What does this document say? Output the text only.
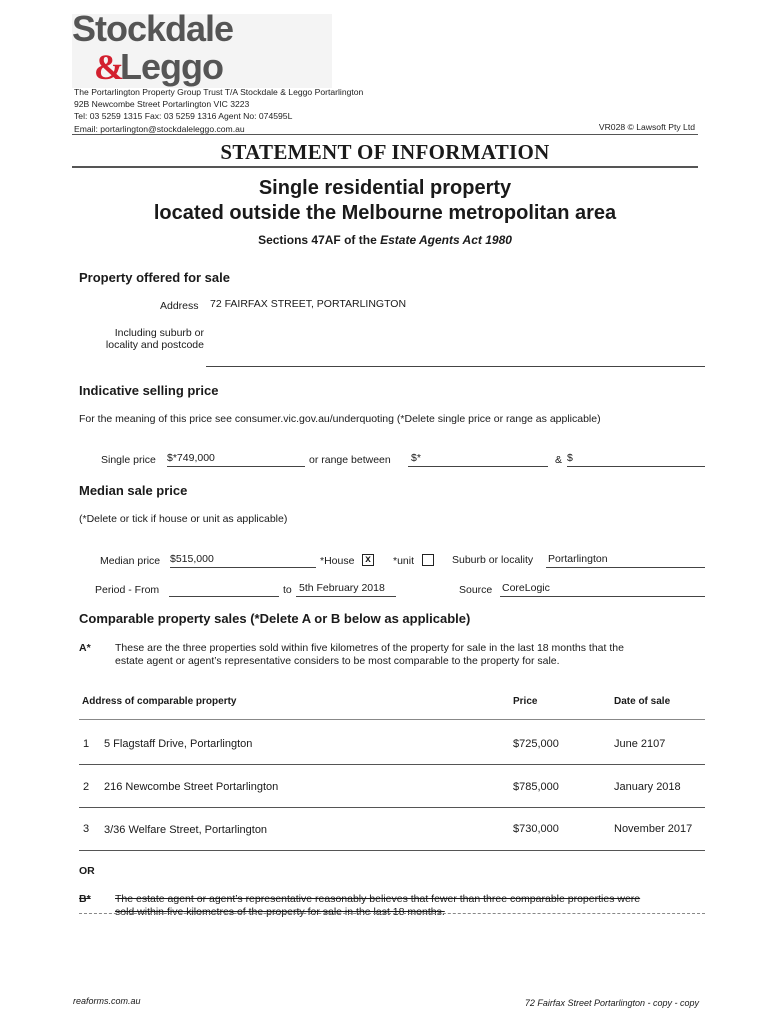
Stockdale
&
Leggo
The Portarlington Property Group Trust T/A Stockdale & Leggo Portarlington
92B Newcombe Street Portarlington VIC 3223
Tel: 03 5259 1315 Fax: 03 5259 1316 Agent No: 074595L
Email: portarlington@stockdaleleggo.com.au	VR028 © Lawsoft Pty Ltd
STATEMENT OF INFORMATION
Single residential property
located outside the Melbourne metropolitan area
Sections 47AF of the Estate Agents Act 1980
Property offered for sale
Address 72 FAIRFAX STREET, PORTARLINGTON
Including suburb or
locality and postcode
Indicative selling price
For the meaning of this price see consumer.vic.gov.au/underquoting (*Delete single price or range as applicable)
Single price $*749,000	or range between $*	& $
Median sale price
(*Delete or tick if house or unit as applicable)
Median price $515,000	*House	x	*unit	Suburb or locality Portarlington
Period - From	to 5th February 2018	Source CoreLogic
Comparable property sales (*Delete A or B below as applicable)
A* These are the three properties sold within five kilometres of the property for sale in the last 18 months that the
estate agent or agent’s representative considers to be most comparable to the property for sale.
Address of comparable property	Price	Date of sale
1 5 Flagstaff Drive, Portarlington	$725,000	June 2107
2 216 Newcombe Street Portarlington	$785,000	January 2018
3 3/36 Welfare Street, Portarlington	$730,000	November 2017
OR
B* The estate agent or agent’s representative reasonably believes that fewer than three comparable properties were
sold within five kilometres of the property for sale in the last 18 months.
reaforms.com.au	72 Fairfax Street Portarlington - copy - copy
